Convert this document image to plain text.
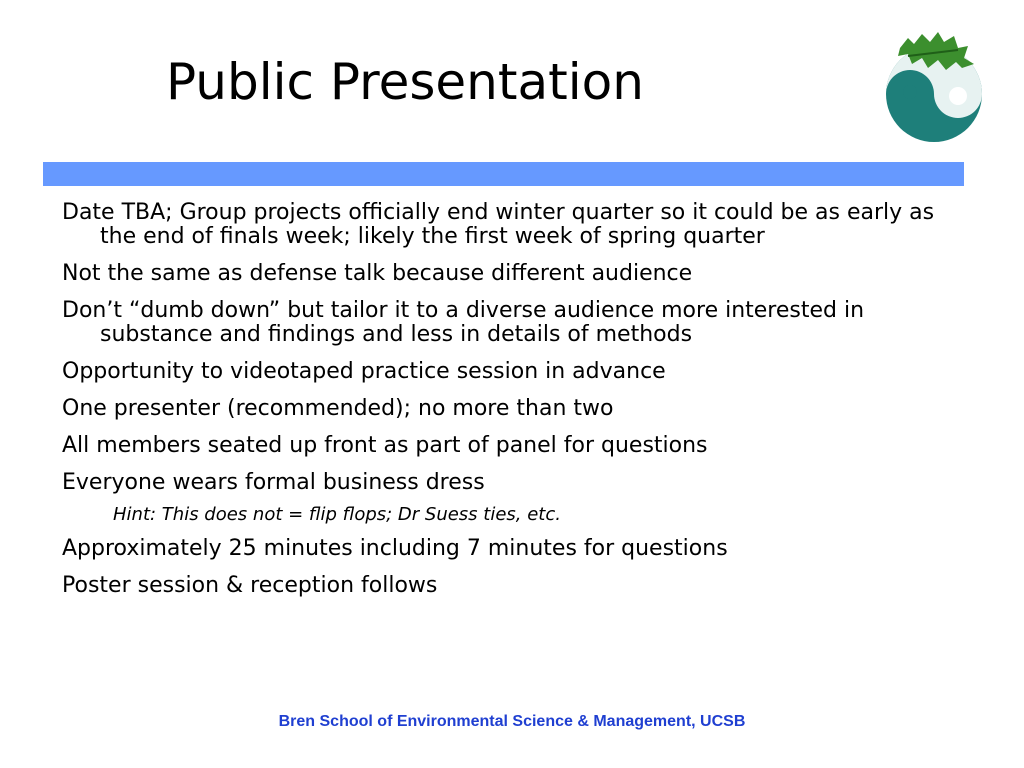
Public Presentation
Date TBA; Group projects officially end winter quarter so it could be as early as the end of finals week; likely the first week of spring quarter
Not the same as defense talk because different audience
Don’t “dumb down” but tailor it to a diverse audience more interested in substance and findings and less in details of methods
Opportunity to videotaped practice session in advance
One presenter (recommended); no more than two
All members seated up front as part of panel for questions
Everyone wears formal business dress
Hint: This does not = flip flops; Dr Suess ties, etc.
Approximately 25 minutes including 7 minutes for questions
Poster session & reception follows
Bren School of Environmental Science & Management, UCSB
